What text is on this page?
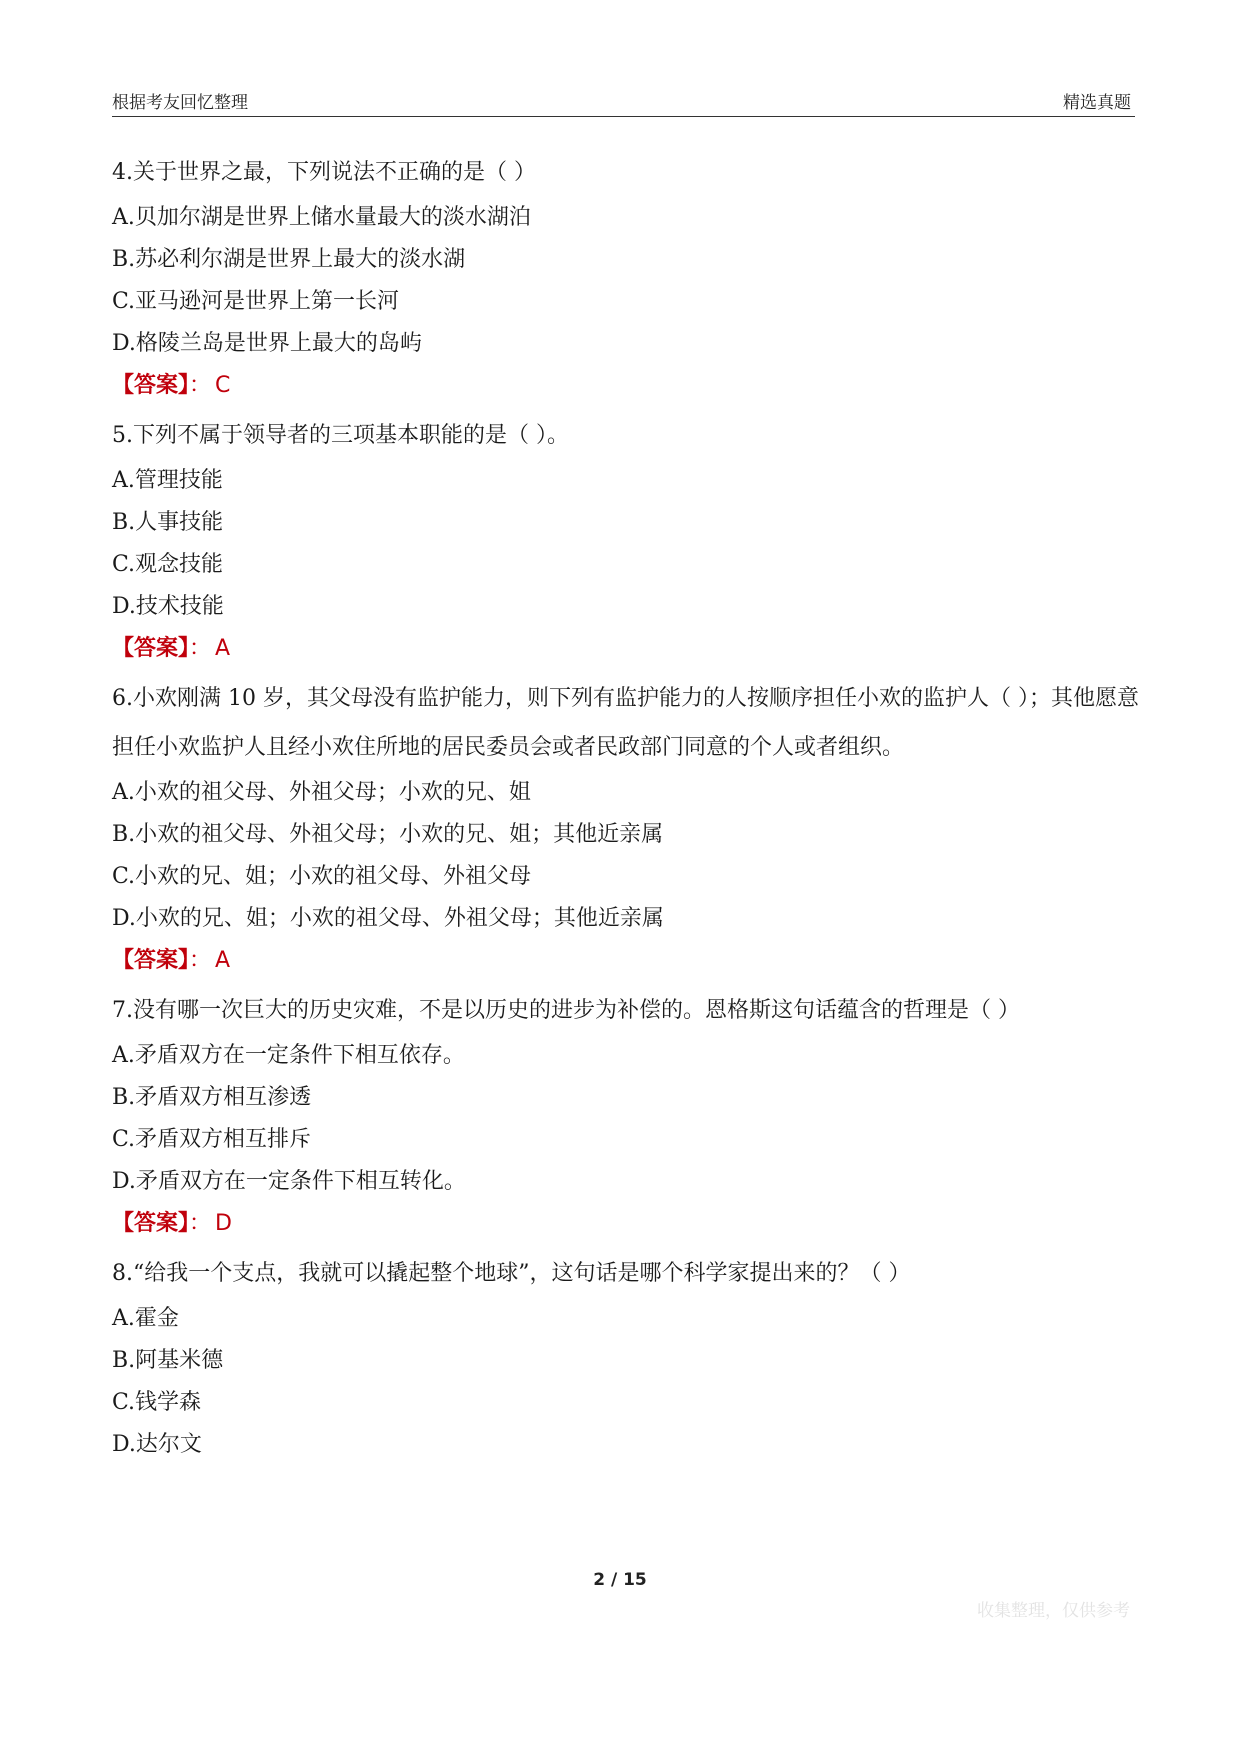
根据考友回忆整理	精选真题

4.关于世界之最，下列说法不正确的是（ ）

A.贝加尔湖是世界上储水量最大的淡水湖泊

B.苏必利尔湖是世界上最大的淡水湖

C.亚马逊河是世界上第一长河

D.格陵兰岛是世界上最大的岛屿

【答案】： C

5.下列不属于领导者的三项基本职能的是（ ）。

A.管理技能

B.人事技能

C.观念技能

D.技术技能

【答案】： A

6.小欢刚满 10 岁，其父母没有监护能力，则下列有监护能力的人按顺序担任小欢的监护人（ ）；其他愿意担任小欢监护人且经小欢住所地的居民委员会或者民政部门同意的个人或者组织。

A.小欢的祖父母、外祖父母；小欢的兄、姐

B.小欢的祖父母、外祖父母；小欢的兄、姐；其他近亲属

C.小欢的兄、姐；小欢的祖父母、外祖父母

D.小欢的兄、姐；小欢的祖父母、外祖父母；其他近亲属

【答案】： A

7.没有哪一次巨大的历史灾难，不是以历史的进步为补偿的。恩格斯这句话蕴含的哲理是（ ）

A.矛盾双方在一定条件下相互依存。

B.矛盾双方相互渗透

C.矛盾双方相互排斥

D.矛盾双方在一定条件下相互转化。

【答案】： D

8.“给我一个支点，我就可以撬起整个地球”，这句话是哪个科学家提出来的？（ ）

A.霍金

B.阿基米德

C.钱学森

D.达尔文

2 / 15
收集整理，仅供参考
